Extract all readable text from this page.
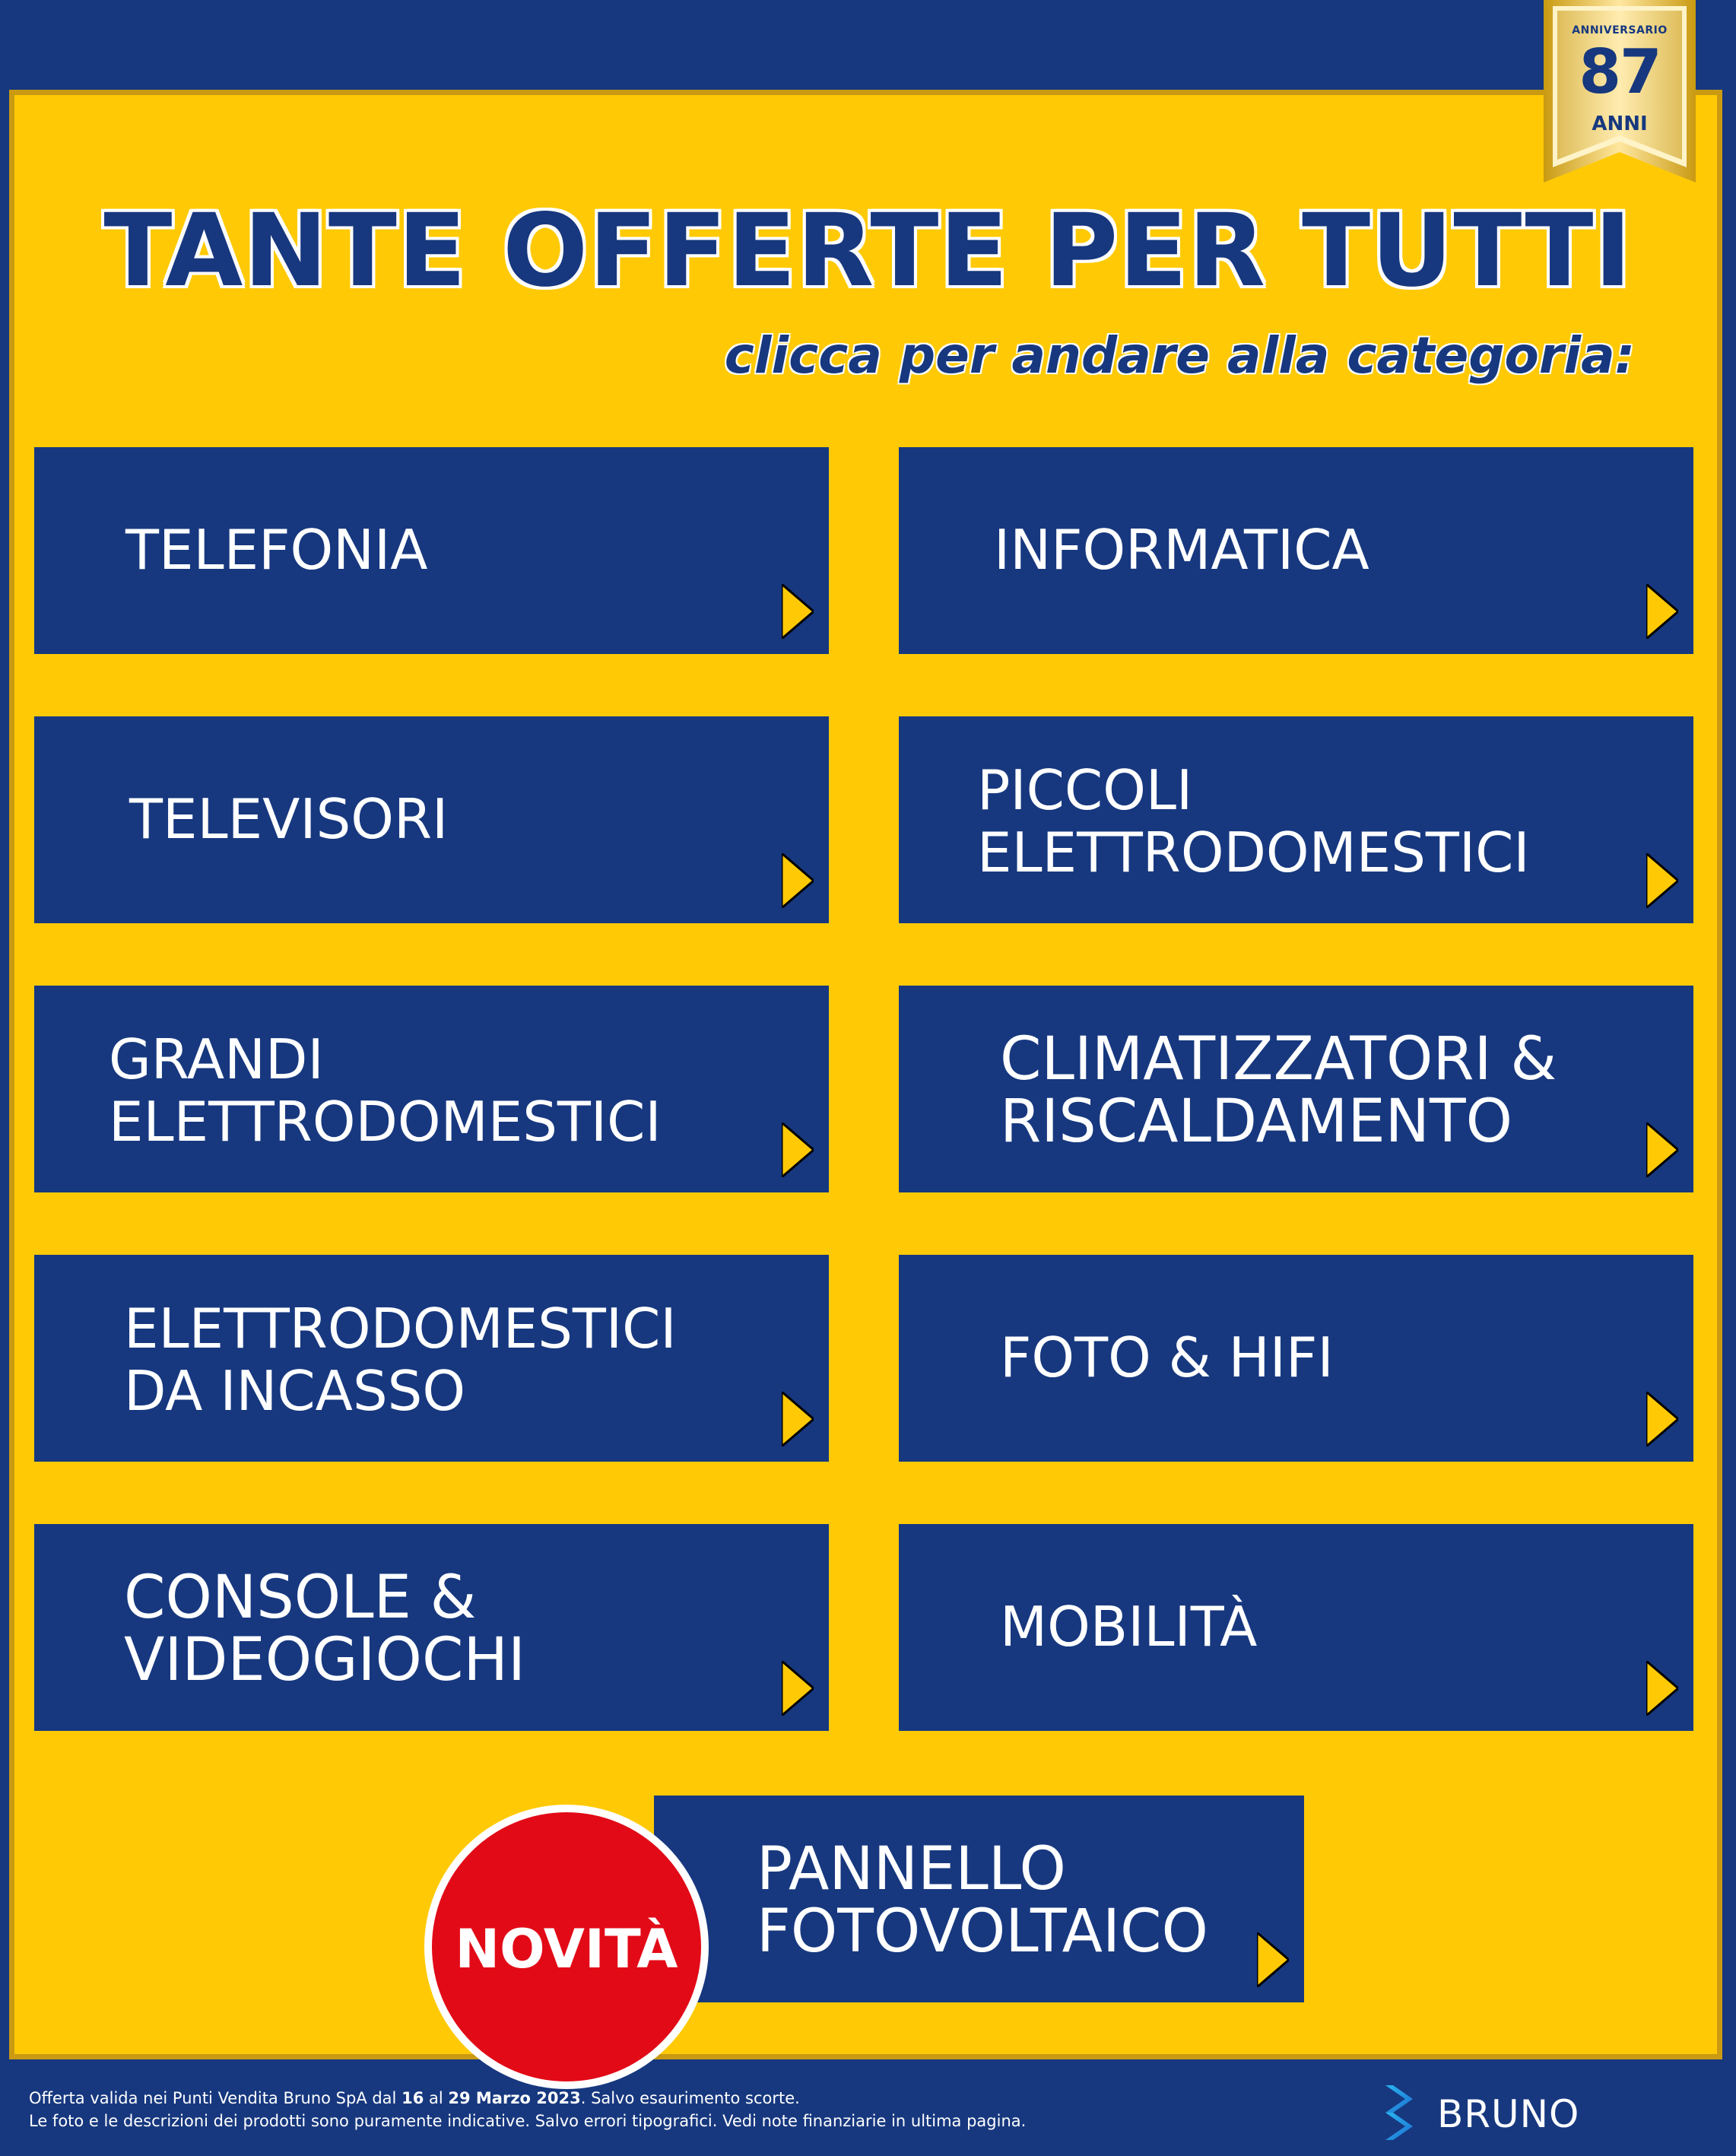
ANNIVERSARIO
87
ANNI
TANTE OFFERTE PER TUTTI
clicca per andare alla categoria:
TELEFONIA	INFORMATICA
TELEVISORI	PICCOLI
ELETTRODOMESTICI
GRANDI
ELETTRODOMESTICI
CLIMATIZZATORI &
RISCALDAMENTO
ELETTRODOMESTICI
DA INCASSO
FOTO & HIFI
CONSOLE &
VIDEOGIOCHI	MOBILITÀ
PANNELLO
FOTOVOLTAICO
NOVITÀ
Offerta valida nei Punti Vendita Bruno SpA dal 16 al 29 Marzo 2023. Salvo esaurimento scorte.
Le foto e le descrizioni dei prodotti sono puramente indicative. Salvo errori tipografici. Vedi note finanziarie in ultima pagina.	BRUNO
